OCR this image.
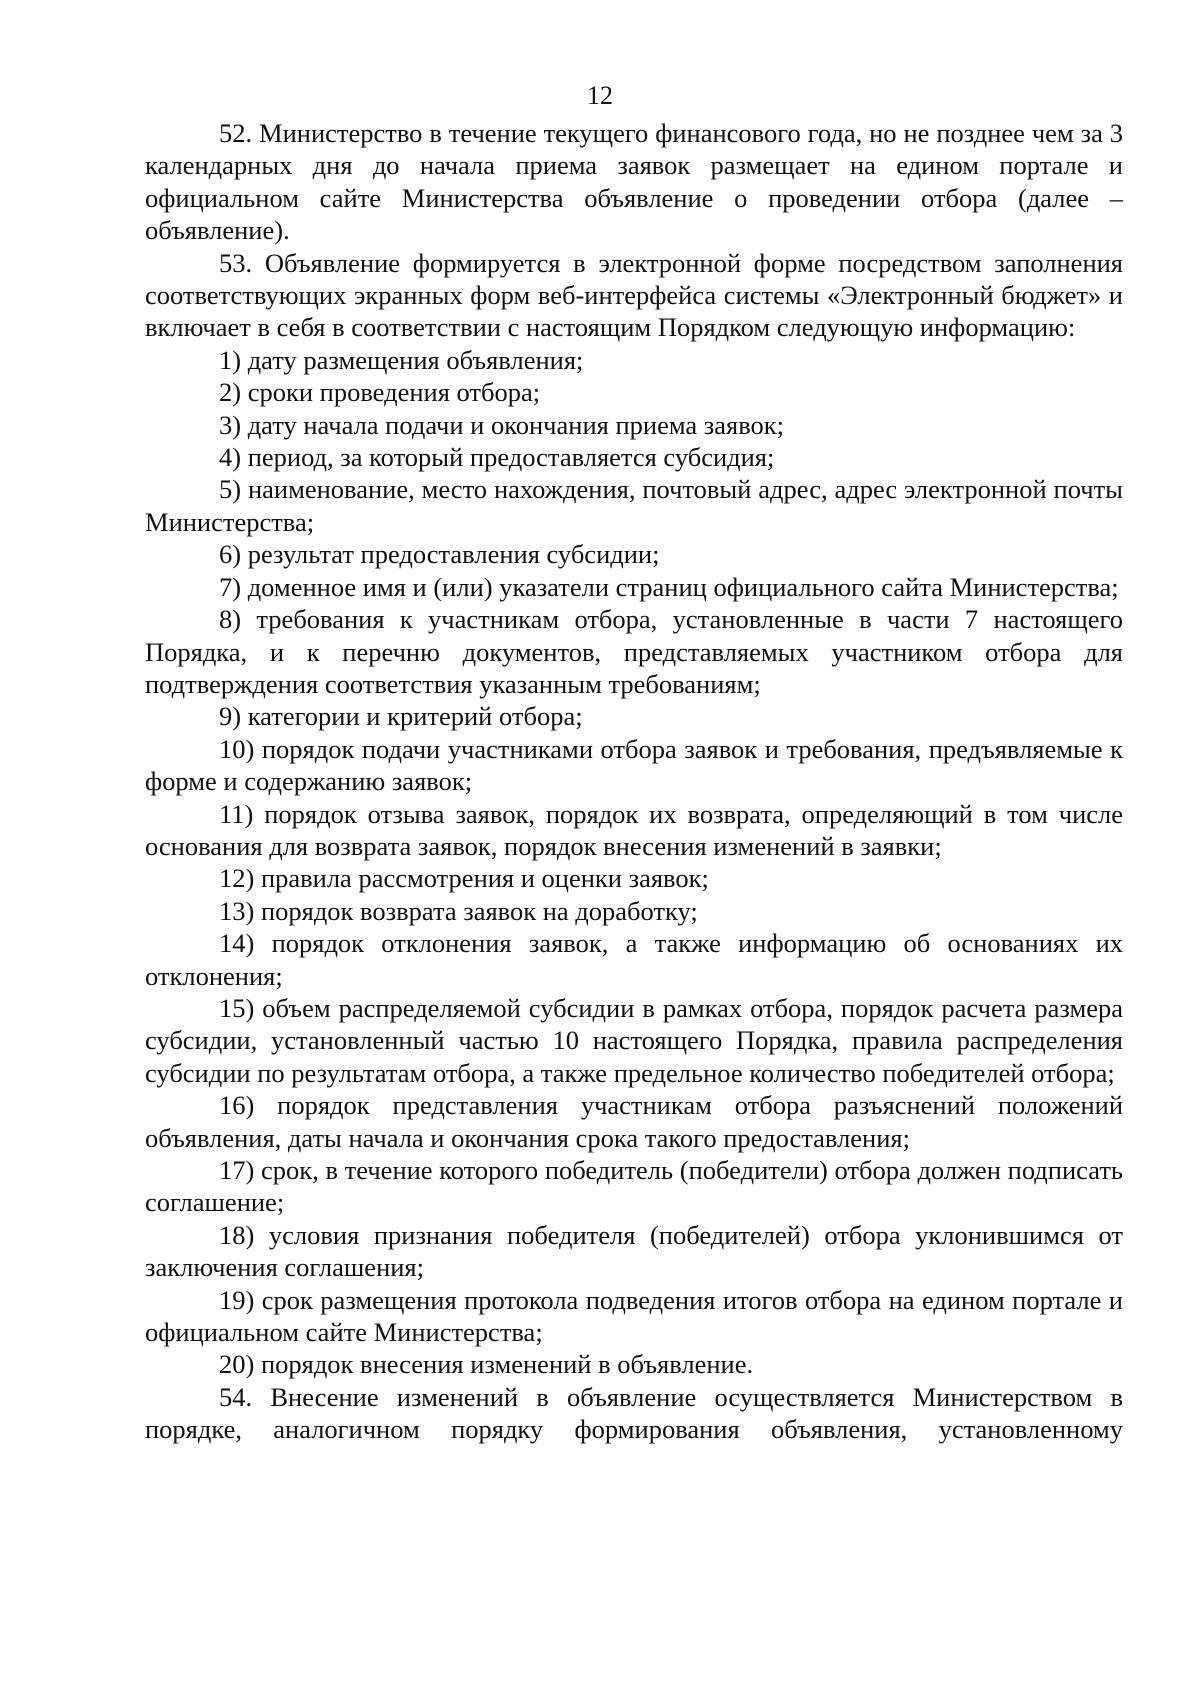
12

52. Министерство в течение текущего финансового года, но не позднее чем за 3 календарных дня до начала приема заявок размещает на едином портале и официальном сайте Министерства объявление о проведении отбора (далее – объявление).

53. Объявление формируется в электронной форме посредством заполнения соответствующих экранных форм веб-интерфейса системы «Электронный бюджет» и включает в себя в соответствии с настоящим Порядком следующую информацию:

1) дату размещения объявления;

2) сроки проведения отбора;

3) дату начала подачи и окончания приема заявок;

4) период, за который предоставляется субсидия;

5) наименование, место нахождения, почтовый адрес, адрес электронной почты Министерства;

6) результат предоставления субсидии;

7) доменное имя и (или) указатели страниц официального сайта Министерства;

8) требования к участникам отбора, установленные в части 7 настоящего Порядка, и к перечню документов, представляемых участником отбора для подтверждения соответствия указанным требованиям;

9) категории и критерий отбора;

10) порядок подачи участниками отбора заявок и требования, предъявляемые к форме и содержанию заявок;

11) порядок отзыва заявок, порядок их возврата, определяющий в том числе основания для возврата заявок, порядок внесения изменений в заявки;

12) правила рассмотрения и оценки заявок;

13) порядок возврата заявок на доработку;

14) порядок отклонения заявок, а также информацию об основаниях их отклонения;

15) объем распределяемой субсидии в рамках отбора, порядок расчета размера субсидии, установленный частью 10 настоящего Порядка, правила распределения субсидии по результатам отбора, а также предельное количество победителей отбора;

16) порядок представления участникам отбора разъяснений положений объявления, даты начала и окончания срока такого предоставления;

17) срок, в течение которого победитель (победители) отбора должен подписать соглашение;

18) условия признания победителя (победителей) отбора уклонившимся от заключения соглашения;

19) срок размещения протокола подведения итогов отбора на едином портале и официальном сайте Министерства;

20) порядок внесения изменений в объявление.

54. Внесение изменений в объявление осуществляется Министерством в порядке, аналогичном порядку формирования объявления, установленному
